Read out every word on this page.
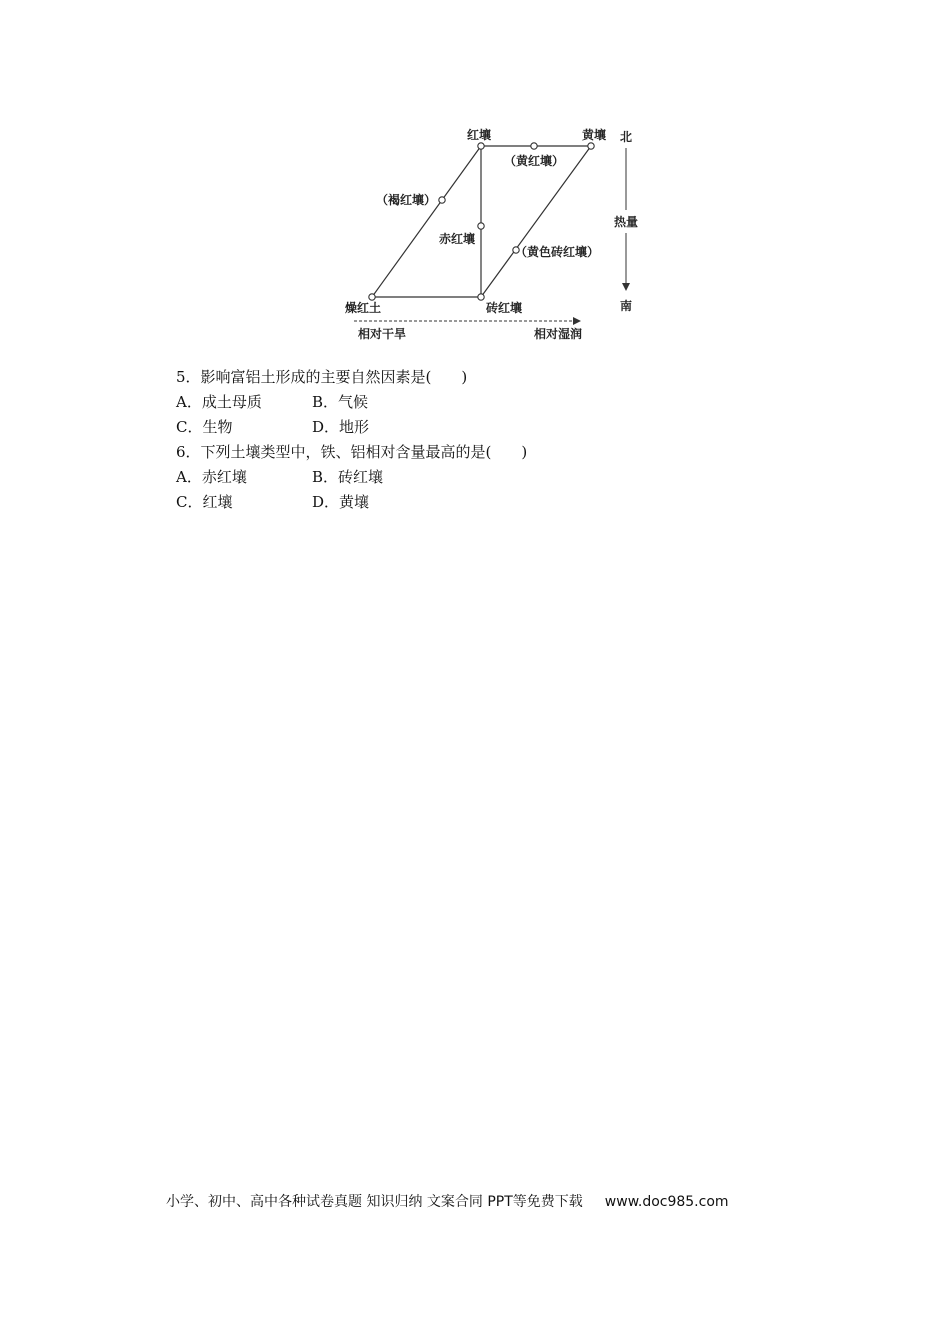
红壤	黄壤
（黄红壤）
（褐红壤）
赤红壤
（黄色砖红壤）
燥红土	砖红壤
相对干旱	相对湿润
北
热量
南
5．影响富铝土形成的主要自然因素是( )
A．成土母质	B．气候
C．生物	D．地形
6．下列土壤类型中，铁、铝相对含量最高的是( )
A．赤红壤	B．砖红壤
C．红壤	D．黄壤
小学、初中、高中各种试卷真题 知识归纳 文案合同 PPT等免费下载 www.doc985.com
